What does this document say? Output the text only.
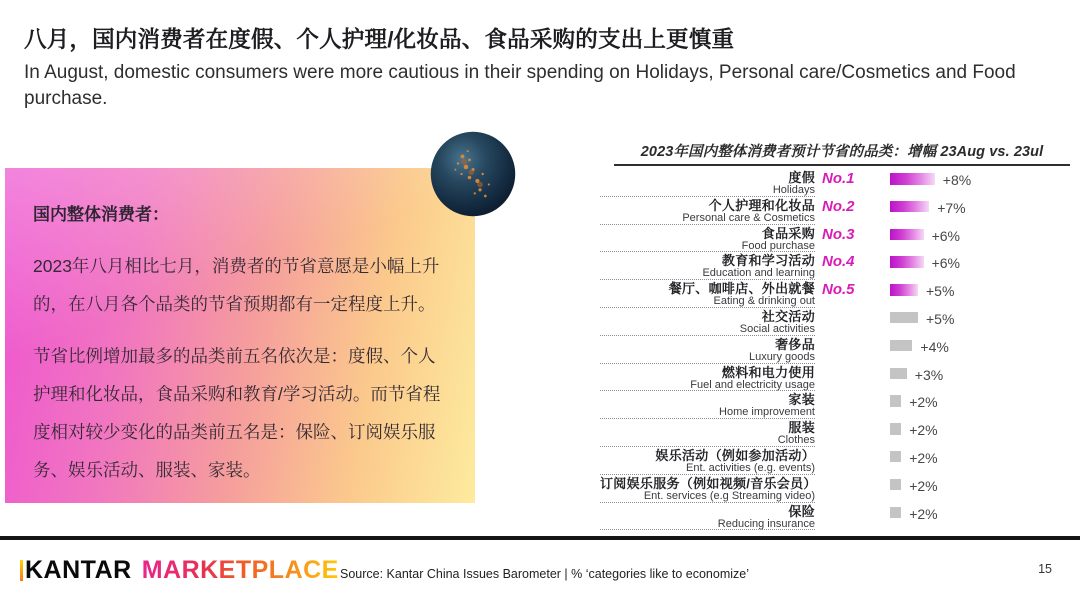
八月，国内消费者在度假、个人护理/化妆品、食品采购的支出上更慎重
In August, domestic consumers were more cautious in their spending on Holidays, Personal care/Cosmetics and Food purchase.
国内整体消费者：

2023年八月相比七月，消费者的节省意愿是小幅上升的，在八月各个品类的节省预期都有一定程度上升。

节省比例增加最多的品类前五名依次是：度假、个人护理和化妆品，食品采购和教育/学习活动。而节省程度相对较少变化的品类前五名是：保险、订阅娱乐服务、娱乐活动、服装、家装。

2023年国内整体消费者预计节省的品类：增幅 23Aug vs. 23ul
度假
Holidays
No.1	+8%
个人护理和化妆品
Personal care & Cosmetics
No.2	+7%
食品采购
Food purchase
No.3	+6%
教育和学习活动
Education and learning
No.4	+6%
餐厅、咖啡店、外出就餐
Eating & drinking out
No.5	+5%
社交活动
Social activities
+5%
奢侈品
Luxury goods
+4%
燃料和电力使用
Fuel and electricity usage
+3%
家装
Home improvement
+2%
服装
Clothes
+2%
娱乐活动（例如参加活动）
Ent. activities (e.g. events)
+2%
订阅娱乐服务（例如视频/音乐会员）
Ent. services (e.g Streaming video)
+2%
保险
Reducing insurance
+2%
KANTAR MARKETPLACE Source: Kantar China Issues Barometer | % ‘categories like to economize’	15
